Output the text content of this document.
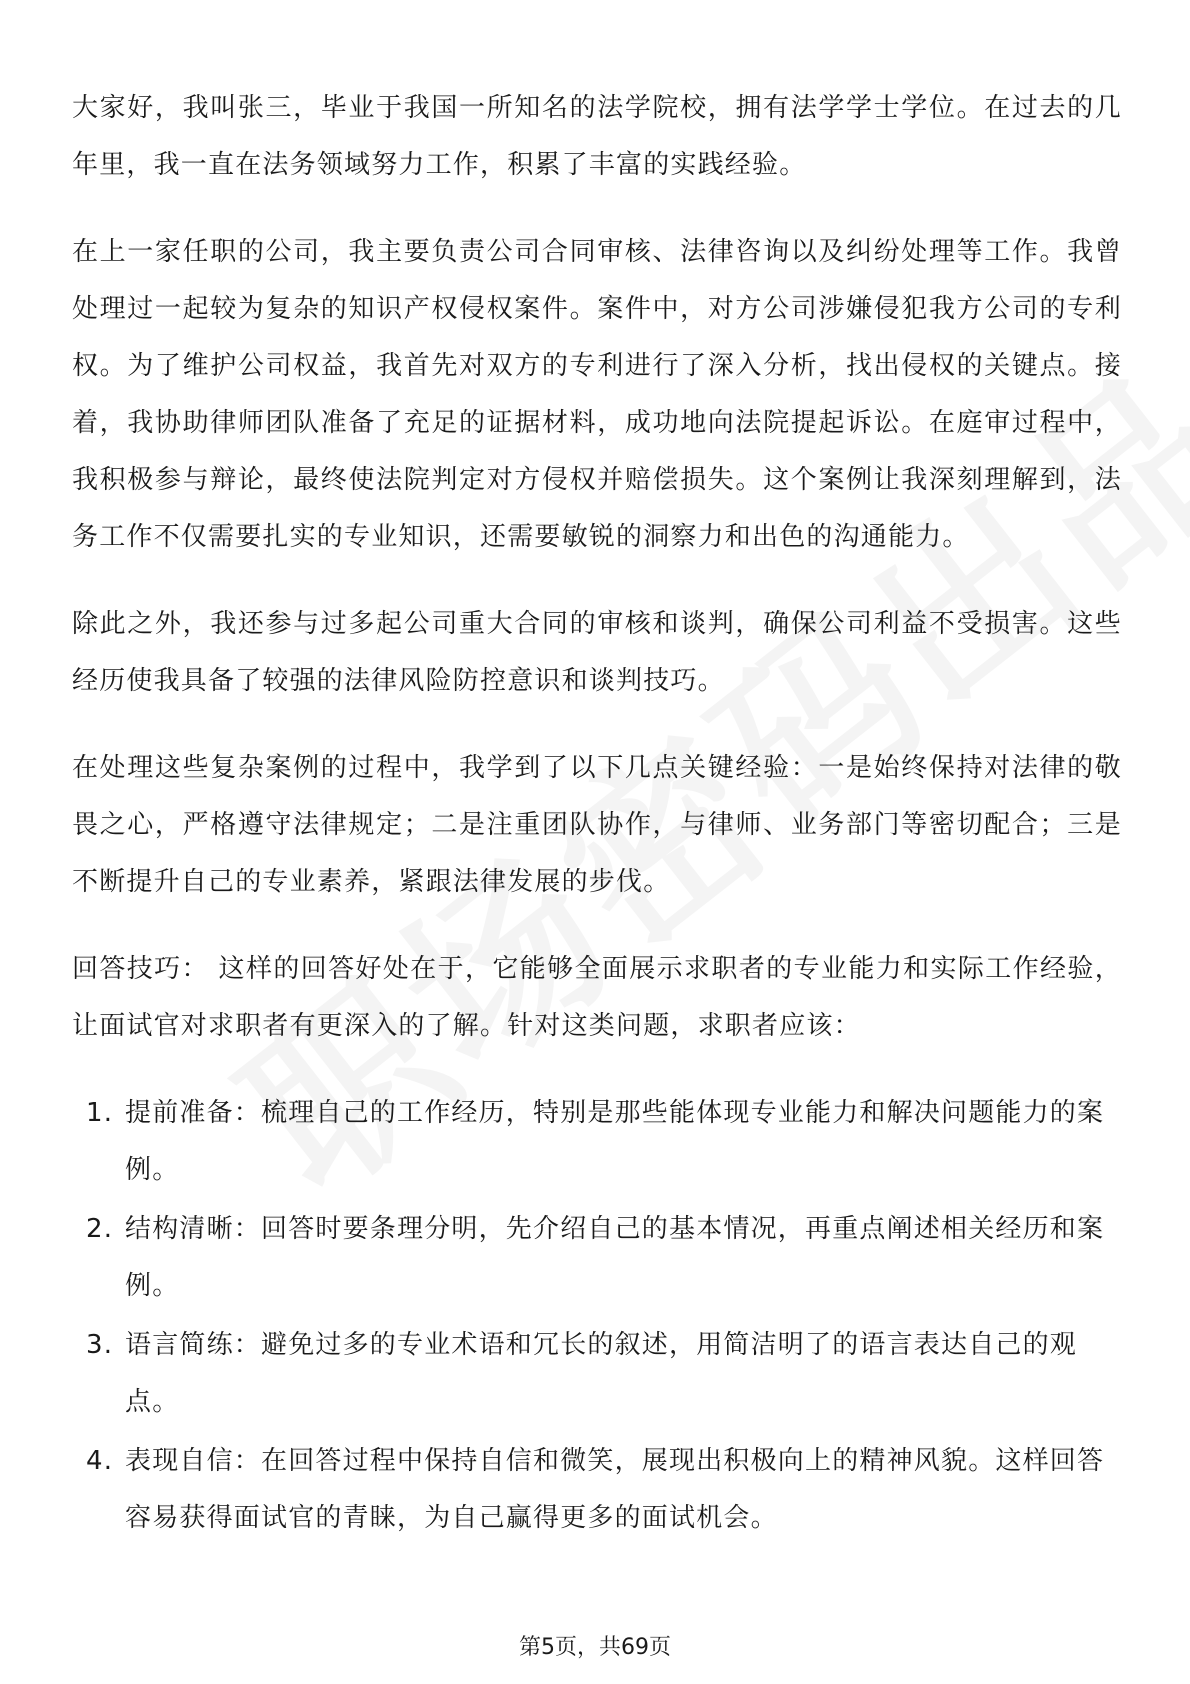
大家好，我叫张三，毕业于我国一所知名的法学院校，拥有法学学士学位。在过去的几年里，我一直在法务领域努力工作，积累了丰富的实践经验。

在上一家任职的公司，我主要负责公司合同审核、法律咨询以及纠纷处理等工作。我曾处理过一起较为复杂的知识产权侵权案件。案件中，对方公司涉嫌侵犯我方公司的专利权。为了维护公司权益，我首先对双方的专利进行了深入分析，找出侵权的关键点。接着，我协助律师团队准备了充足的证据材料，成功地向法院提起诉讼。在庭审过程中，我积极参与辩论，最终使法院判定对方侵权并赔偿损失。这个案例让我深刻理解到，法务工作不仅需要扎实的专业知识，还需要敏锐的洞察力和出色的沟通能力。

除此之外，我还参与过多起公司重大合同的审核和谈判，确保公司利益不受损害。这些经历使我具备了较强的法律风险防控意识和谈判技巧。

在处理这些复杂案例的过程中，我学到了以下几点关键经验：一是始终保持对法律的敬畏之心，严格遵守法律规定；二是注重团队协作，与律师、业务部门等密切配合；三是不断提升自己的专业素养，紧跟法律发展的步伐。

回答技巧： 这样的回答好处在于，它能够全面展示求职者的专业能力和实际工作经验，让面试官对求职者有更深入的了解。针对这类问题，求职者应该：

1. 提前准备：梳理自己的工作经历，特别是那些能体现专业能力和解决问题能力的案例。
2. 结构清晰：回答时要条理分明，先介绍自己的基本情况，再重点阐述相关经历和案例。
3. 语言简练：避免过多的专业术语和冗长的叙述，用简洁明了的语言表达自己的观点。
4. 表现自信：在回答过程中保持自信和微笑，展现出积极向上的精神风貌。这样回答容易获得面试官的青睐，为自己赢得更多的面试机会。
第5页，共69页
